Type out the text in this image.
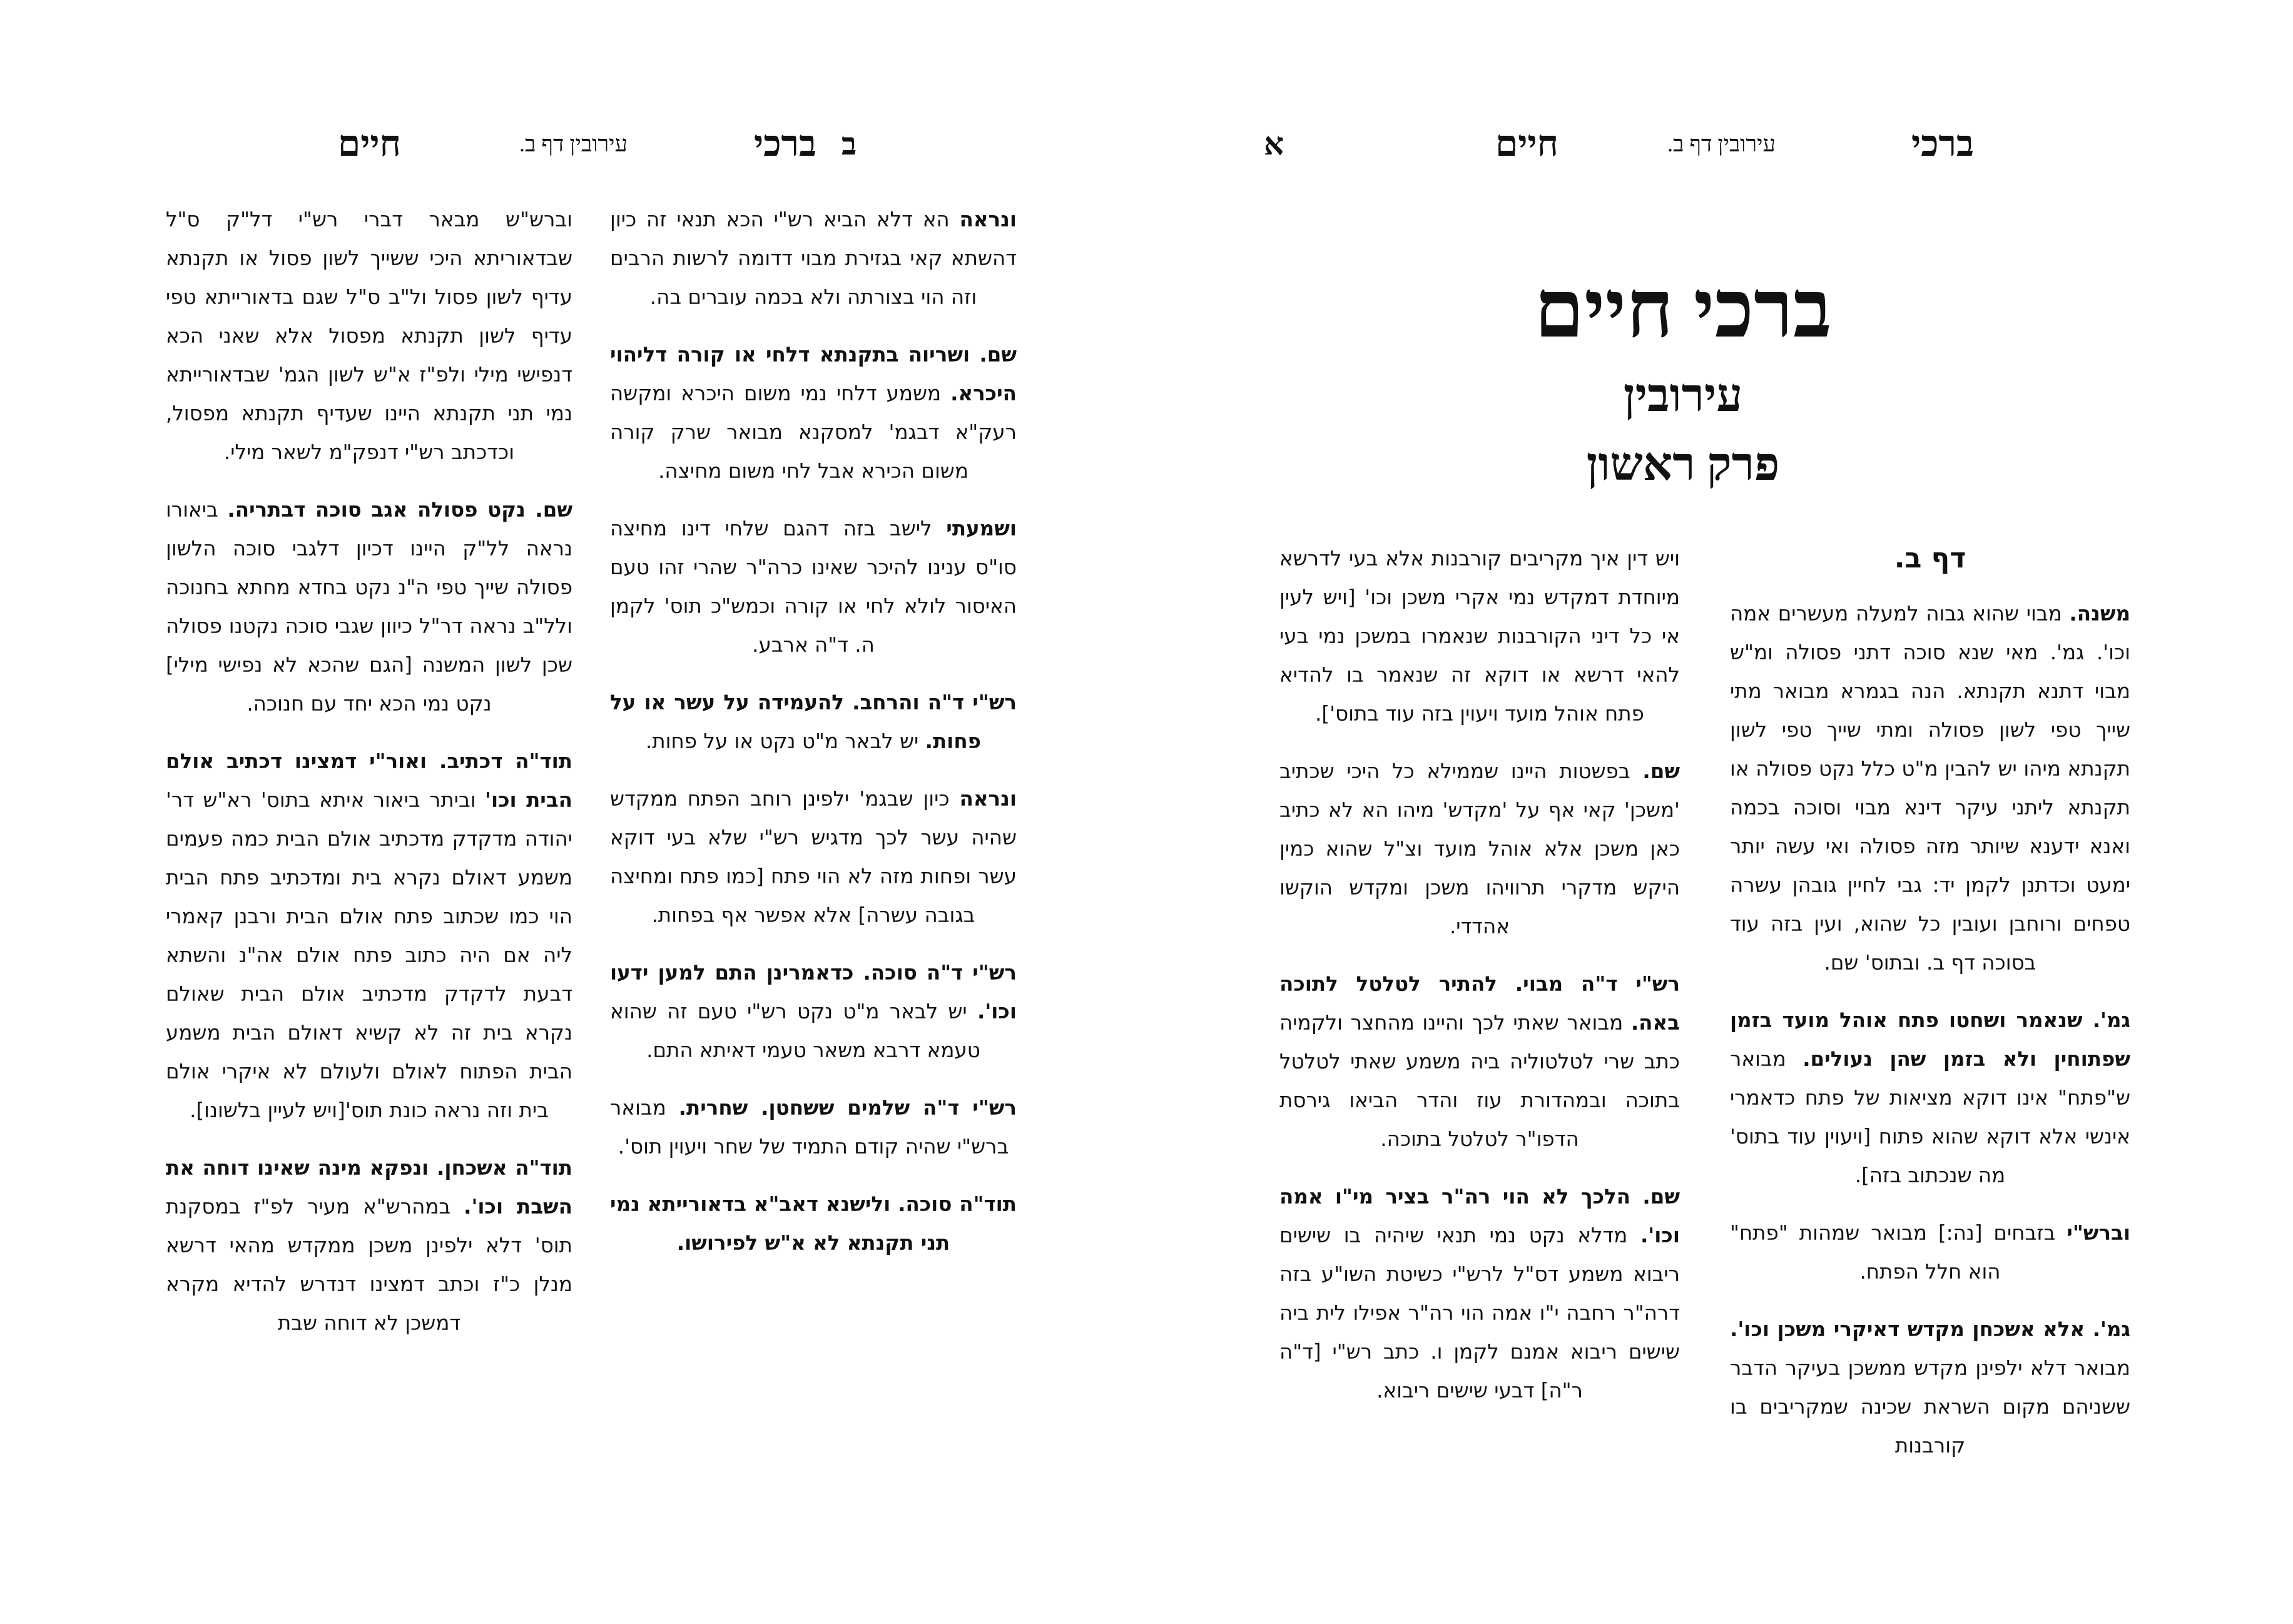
ב
ברכי
עירובין דף ב.
חיים

ונראה הא דלא הביא רש"י הכא תנאי זה כיון דהשתא קאי בגזירת מבוי דדומה לרשות הרבים וזה הוי בצורתה ולא בכמה עוברים בה.

שם. ושריוה בתקנתא דלחי או קורה דליהוי היכרא. משמע דלחי נמי משום היכרא ומקשה רעק"א דבגמ' למסקנא מבואר שרק קורה משום הכירא אבל לחי משום מחיצה.

ושמעתי לישב בזה דהגם שלחי דינו מחיצה סו"ס ענינו להיכר שאינו כרה"ר שהרי זהו טעם האיסור לולא לחי או קורה וכמש"כ תוס' לקמן ה. ד"ה ארבע.

רש"י ד"ה והרחב. להעמידה על עשר או על פחות. יש לבאר מ"ט נקט או על פחות.

ונראה כיון שבגמ' ילפינן רוחב הפתח ממקדש שהיה עשר לכך מדגיש רש"י שלא בעי דוקא עשר ופחות מזה לא הוי פתח [כמו פתח ומחיצה בגובה עשרה] אלא אפשר אף בפחות.

רש"י ד"ה סוכה. כדאמרינן התם למען ידעו וכו'. יש לבאר מ"ט נקט רש"י טעם זה שהוא טעמא דרבא משאר טעמי דאיתא התם.

רש"י ד"ה שלמים ששחטן. שחרית. מבואר ברש"י שהיה קודם התמיד של שחר ויעוין תוס'.

תוד"ה סוכה. ולישנא דאב"א בדאורייתא נמי תני תקנתא לא א"ש לפירושו.

וברש"ש מבאר דברי רש"י דל"ק ס"ל שבדאוריתא היכי ששייך לשון פסול או תקנתא עדיף לשון פסול ול"ב ס"ל שגם בדאורייתא טפי עדיף לשון תקנתא מפסול אלא שאני הכא דנפישי מילי ולפ"ז א"ש לשון הגמ' שבדאורייתא נמי תני תקנתא היינו שעדיף תקנתא מפסול, וכדכתב רש"י דנפק"מ לשאר מילי.

שם. נקט פסולה אגב סוכה דבתריה. ביאורו נראה לל"ק היינו דכיון דלגבי סוכה הלשון פסולה שייך טפי ה"נ נקט בחדא מחתא בחנוכה ולל"ב נראה דר"ל כיוון שגבי סוכה נקטנו פסולה שכן לשון המשנה [הגם שהכא לא נפישי מילי] נקט נמי הכא יחד עם חנוכה.

תוד"ה דכתיב. ואור"י דמצינו דכתיב אולם הבית וכו' וביתר ביאור איתא בתוס' רא"ש דר' יהודה מדקדק מדכתיב אולם הבית כמה פעמים משמע דאולם נקרא בית ומדכתיב פתח הבית הוי כמו שכתוב פתח אולם הבית ורבנן קאמרי ליה אם היה כתוב פתח אולם אה"נ והשתא דבעת לדקדק מדכתיב אולם הבית שאולם נקרא בית זה לא קשיא דאולם הבית משמע הבית הפתוח לאולם ולעולם לא איקרי אולם בית וזה נראה כונת תוס'[ויש לעיין בלשונו].

תוד"ה אשכחן. ונפקא מינה שאינו דוחה את השבת וכו'. במהרש"א מעיר לפ"ז במסקנת תוס' דלא ילפינן משכן ממקדש מהאי דרשא מנלן כ"ז וכתב דמצינו דנדרש להדיא מקרא דמשכן לא דוחה שבת

ברכי
עירובין דף ב.
חיים
א
ברכי חיים
עירובין
פרק ראשון

דף ב.

משנה. מבוי שהוא גבוה למעלה מעשרים אמה וכו'. גמ'. מאי שנא סוכה דתני פסולה ומ"ש מבוי דתנא תקנתא. הנה בגמרא מבואר מתי שייך טפי לשון פסולה ומתי שייך טפי לשון תקנתא מיהו יש להבין מ"ט כלל נקט פסולה או תקנתא ליתני עיקר דינא מבוי וסוכה בכמה ואנא ידענא שיותר מזה פסולה ואי עשה יותר ימעט וכדתנן לקמן יד: גבי לחיין גובהן עשרה טפחים ורוחבן ועובין כל שהוא, ועין בזה עוד בסוכה דף ב. ובתוס' שם.

גמ'. שנאמר ושחטו פתח אוהל מועד בזמן שפתוחין ולא בזמן שהן נעולים. מבואר ש"פתח" אינו דוקא מציאות של פתח כדאמרי אינשי אלא דוקא שהוא פתוח [ויעוין עוד בתוס' מה שנכתוב בזה].

וברש"י בזבחים [נה:] מבואר שמהות "פתח" הוא חלל הפתח.

גמ'. אלא אשכחן מקדש דאיקרי משכן וכו'. מבואר דלא ילפינן מקדש ממשכן בעיקר הדבר ששניהם מקום השראת שכינה שמקריבים בו קורבנות

ויש דין איך מקריבים קורבנות אלא בעי לדרשא מיוחדת דמקדש נמי אקרי משכן וכו' [ויש לעין אי כל דיני הקורבנות שנאמרו במשכן נמי בעי להאי דרשא או דוקא זה שנאמר בו להדיא פתח אוהל מועד ויעוין בזה עוד בתוס'].

שם. בפשטות היינו שממילא כל היכי שכתיב 'משכן' קאי אף על 'מקדש' מיהו הא לא כתיב כאן משכן אלא אוהל מועד וצ"ל שהוא כמין היקש מדקרי תרוויהו משכן ומקדש הוקשו אהדדי.

רש"י ד"ה מבוי. להתיר לטלטל לתוכה באה. מבואר שאתי לכך והיינו מהחצר ולקמיה כתב שרי לטלטוליה ביה משמע שאתי לטלטל בתוכה ובמהדורת עוז והדר הביאו גירסת הדפו"ר לטלטל בתוכה.

שם. הלכך לא הוי רה"ר בציר מי"ו אמה וכו'. מדלא נקט נמי תנאי שיהיה בו שישים ריבוא משמע דס"ל לרש"י כשיטת השו"ע בזה דרה"ר רחבה י"ו אמה הוי רה"ר אפילו לית ביה שישים ריבוא אמנם לקמן ו. כתב רש"י [ד"ה ר"ה] דבעי שישים ריבוא.
